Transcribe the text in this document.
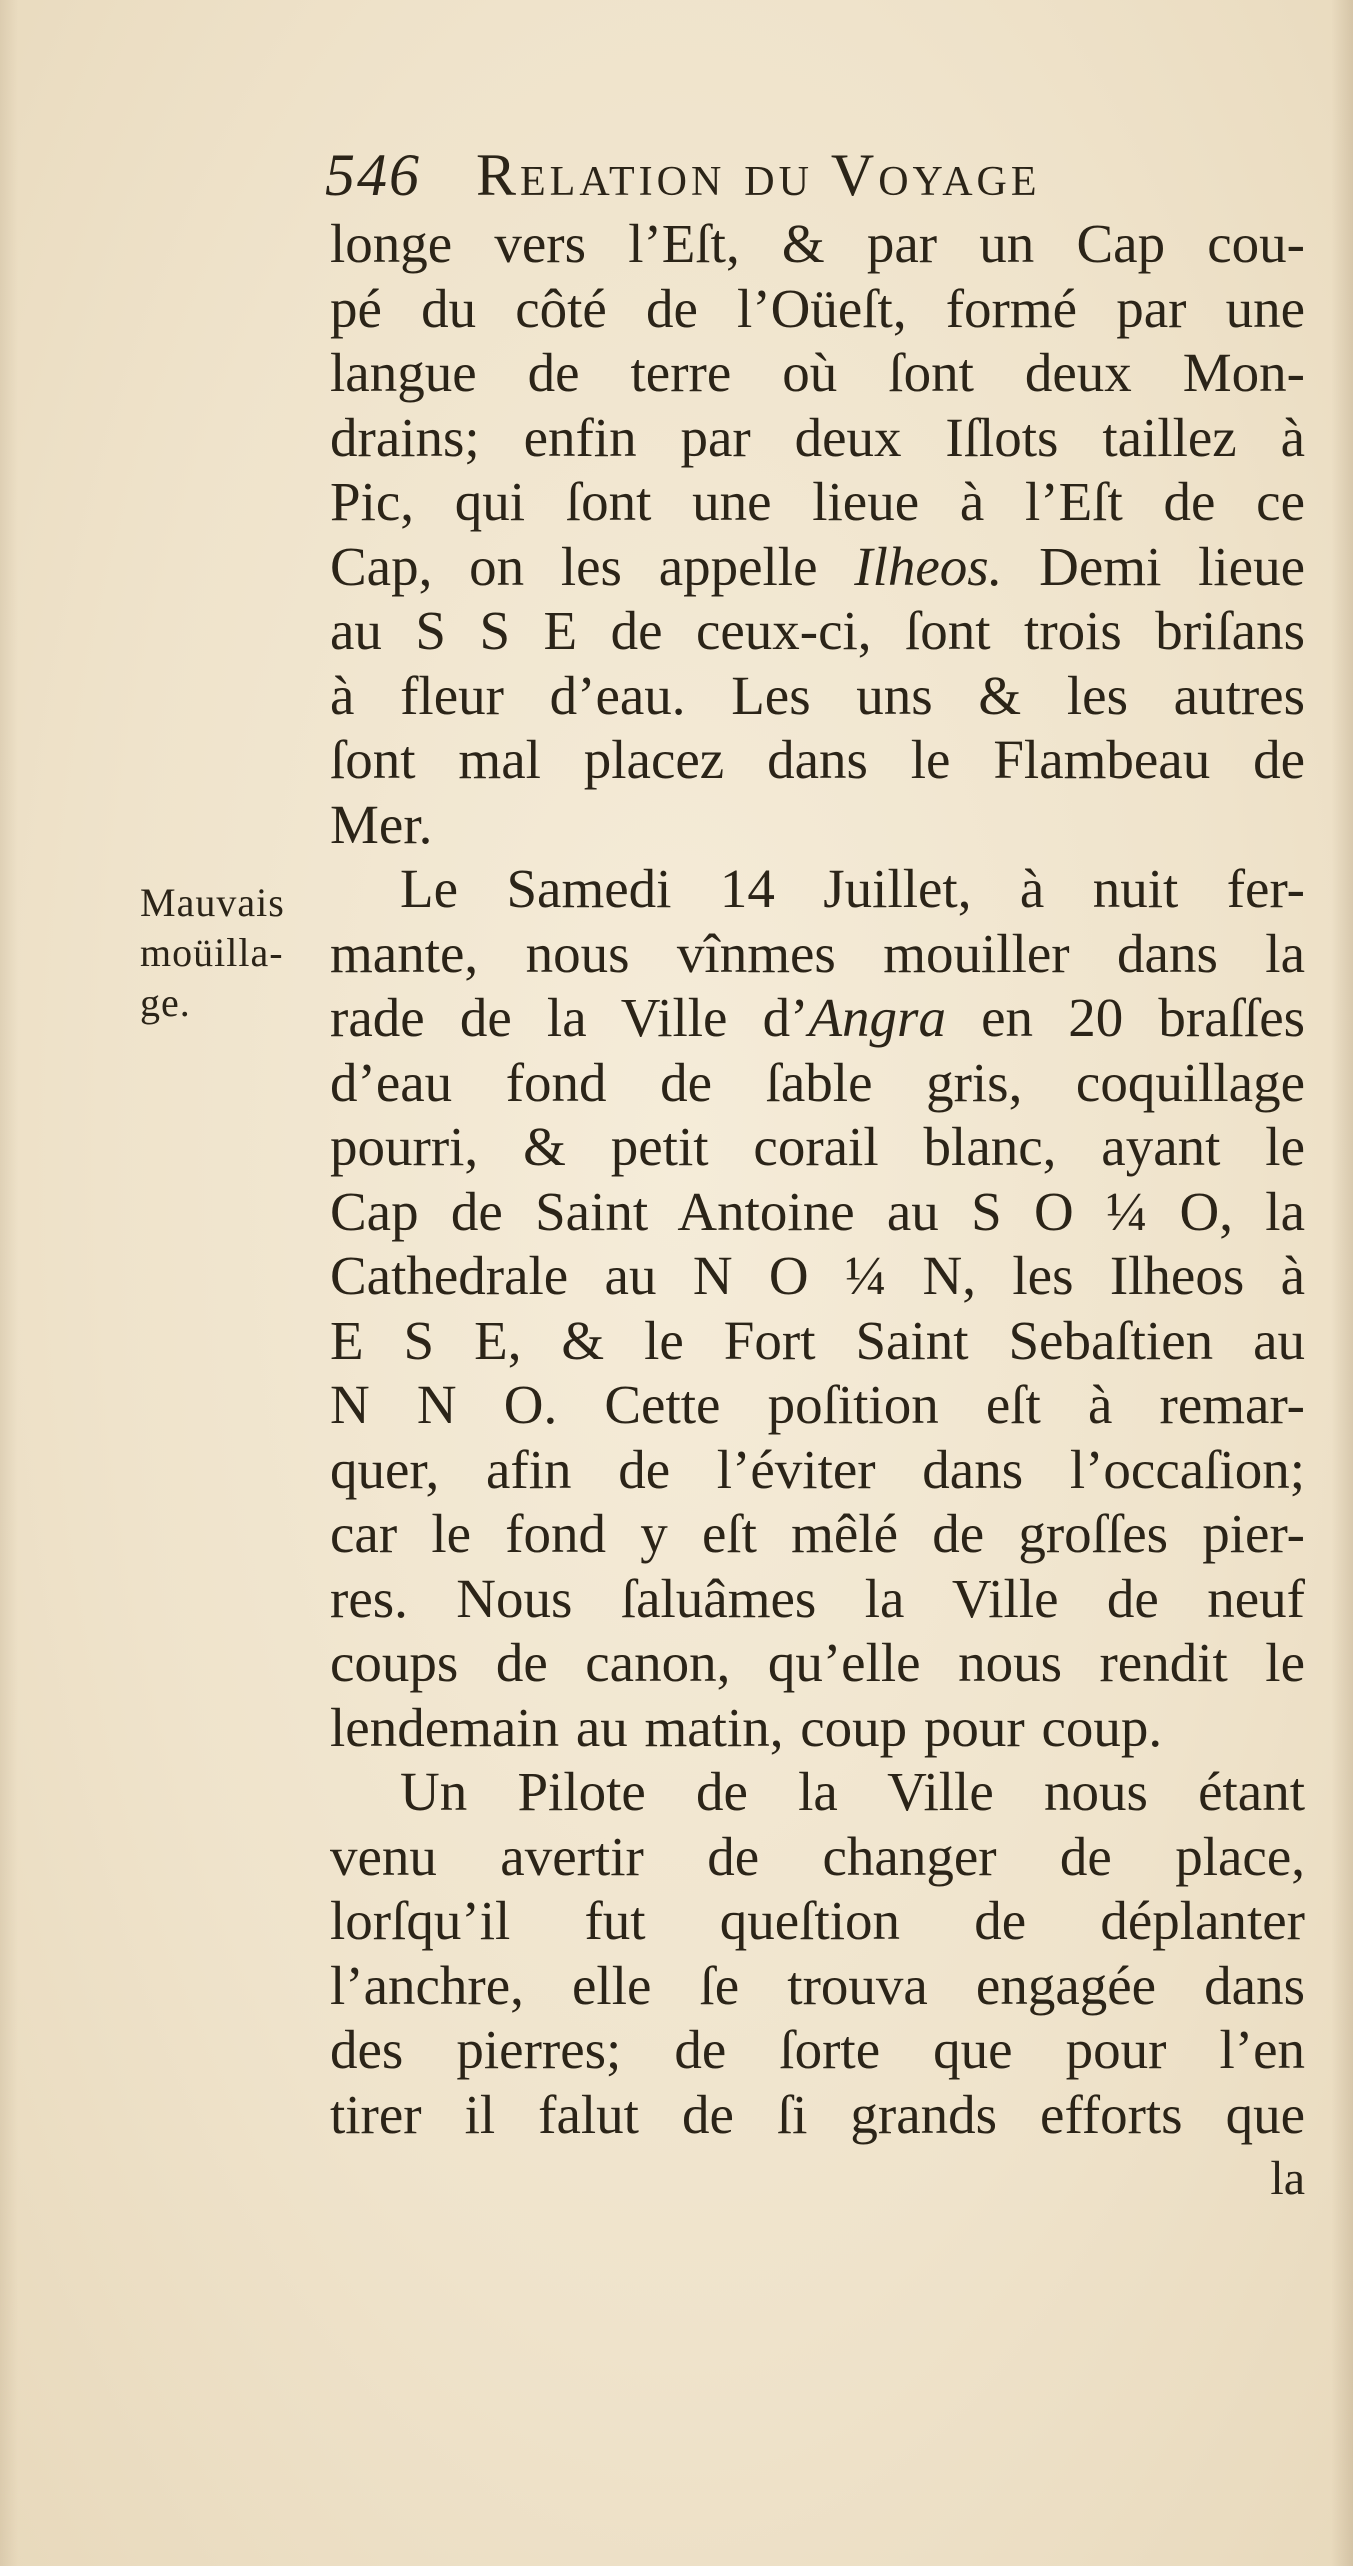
546 Relation du Voyage
Mauvais
moüilla-
ge.
longe vers l’Eſt, & par un Cap cou-
pé du côté de l’Oüeſt, formé par une
langue de terre où ſont deux Mon-
drains; enfin par deux Iſlots taillez à
Pic, qui ſont une lieue à l’Eſt de ce
Cap, on les appelle Ilheos. Demi lieue
au S S E de ceux-ci, ſont trois briſans
à fleur d’eau. Les uns & les autres
ſont mal placez dans le Flambeau de
Mer.
Le Samedi 14 Juillet, à nuit fer-
mante, nous vînmes mouiller dans la
rade de la Ville d’Angra en 20 braſſes
d’eau fond de ſable gris, coquillage
pourri, & petit corail blanc, ayant le
Cap de Saint Antoine au S O ¼ O, la
Cathedrale au N O ¼ N, les Ilheos à
E S E, & le Fort Saint Sebaſtien au
N N O. Cette poſition eſt à remar-
quer, afin de l’éviter dans l’occaſion;
car le fond y eſt mêlé de groſſes pier-
res. Nous ſaluâmes la Ville de neuf
coups de canon, qu’elle nous rendit le
lendemain au matin, coup pour coup.
Un Pilote de la Ville nous étant
venu avertir de changer de place,
lorſqu’il fut queſtion de déplanter
l’anchre, elle ſe trouva engagée dans
des pierres; de ſorte que pour l’en
tirer il falut de ſi grands efforts que
la
